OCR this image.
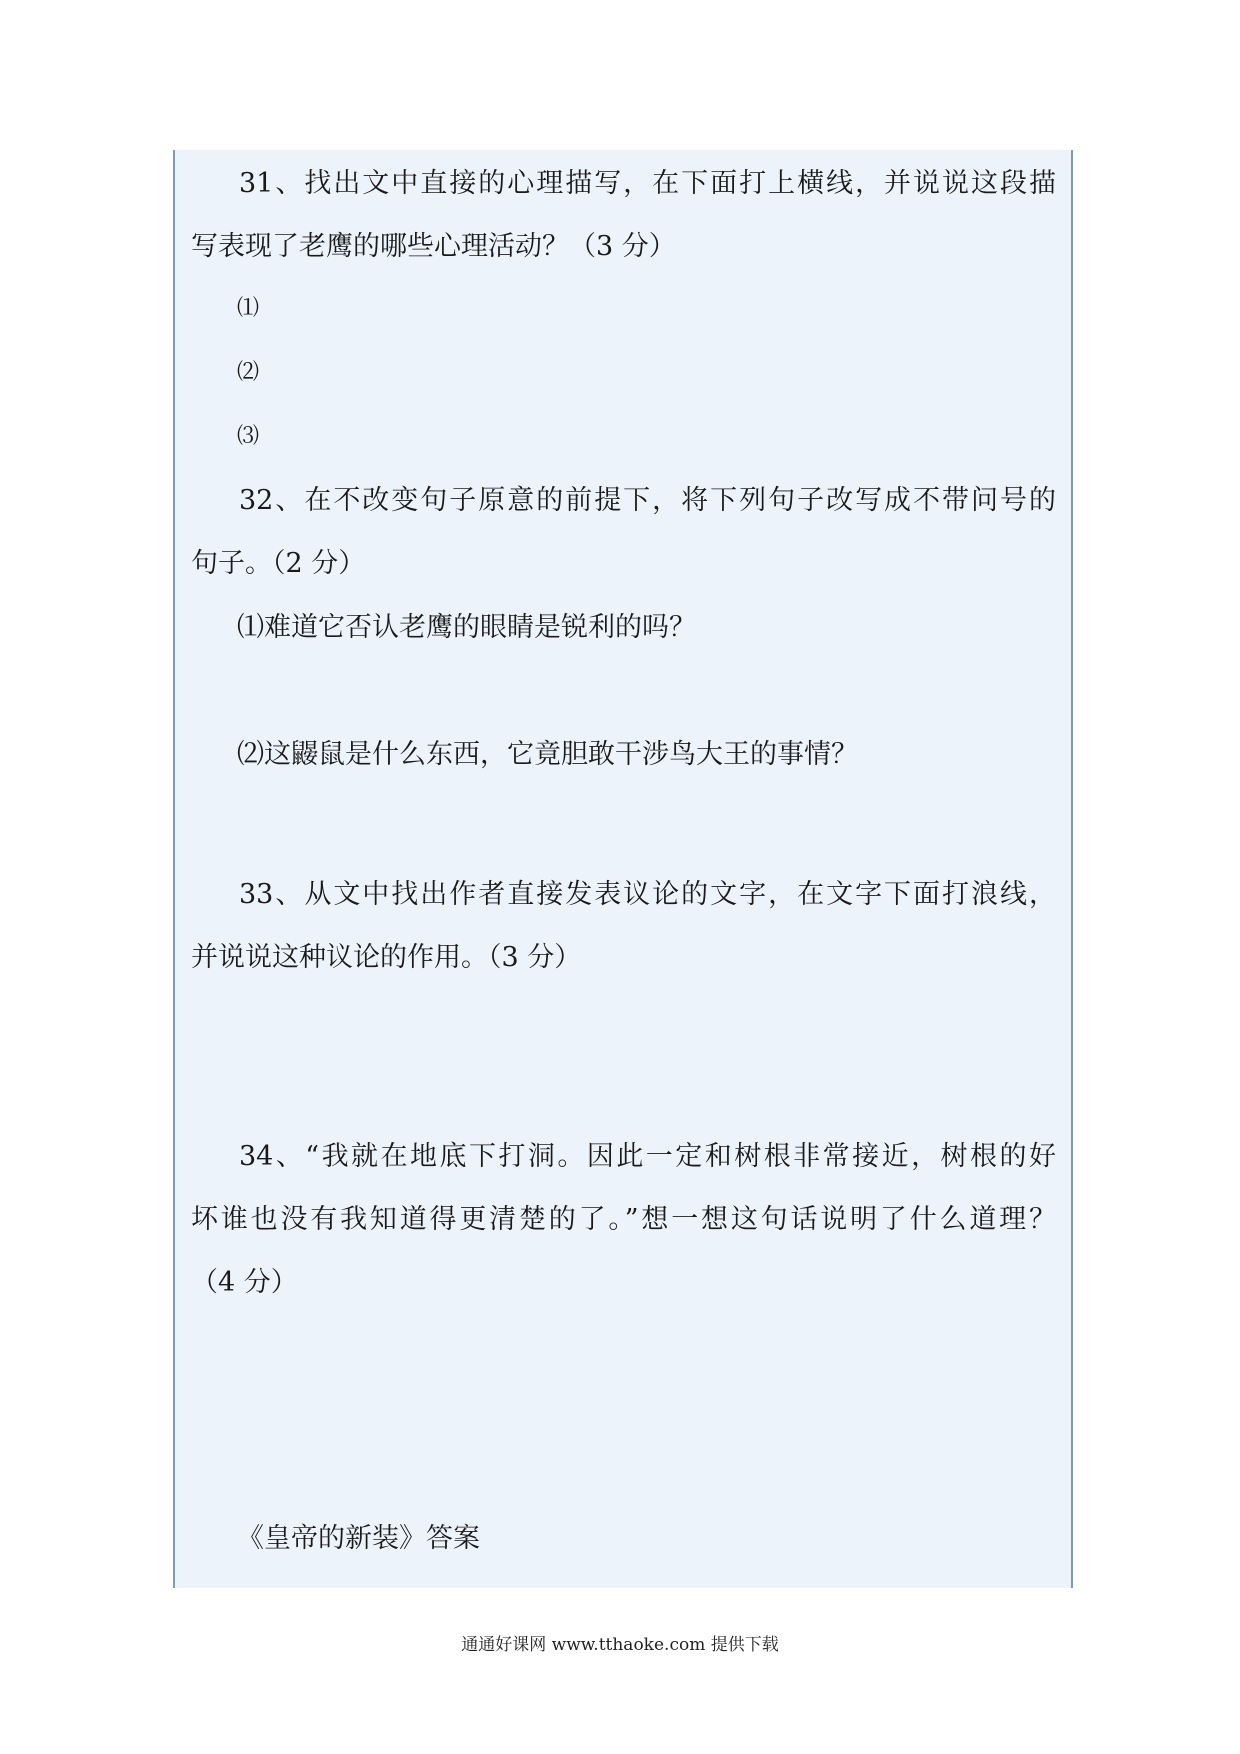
31、找出文中直接的心理描写，在下面打上横线，并说说这段描
写表现了老鹰的哪些心理活动？（3 分）
⑴
⑵
⑶
32、在不改变句子原意的前提下，将下列句子改写成不带问号的
句子。（2 分）
⑴难道它否认老鹰的眼睛是锐利的吗？
⑵这鼹鼠是什么东西，它竟胆敢干涉鸟大王的事情？
33、从文中找出作者直接发表议论的文字，在文字下面打浪线，
并说说这种议论的作用。（3 分）
34、“我就在地底下打洞。因此一定和树根非常接近，树根的好
坏谁也没有我知道得更清楚的了。”想一想这句话说明了什么道理？
（4 分）
《皇帝的新装》答案
通通好课网 www.tthaoke.com 提供下载
